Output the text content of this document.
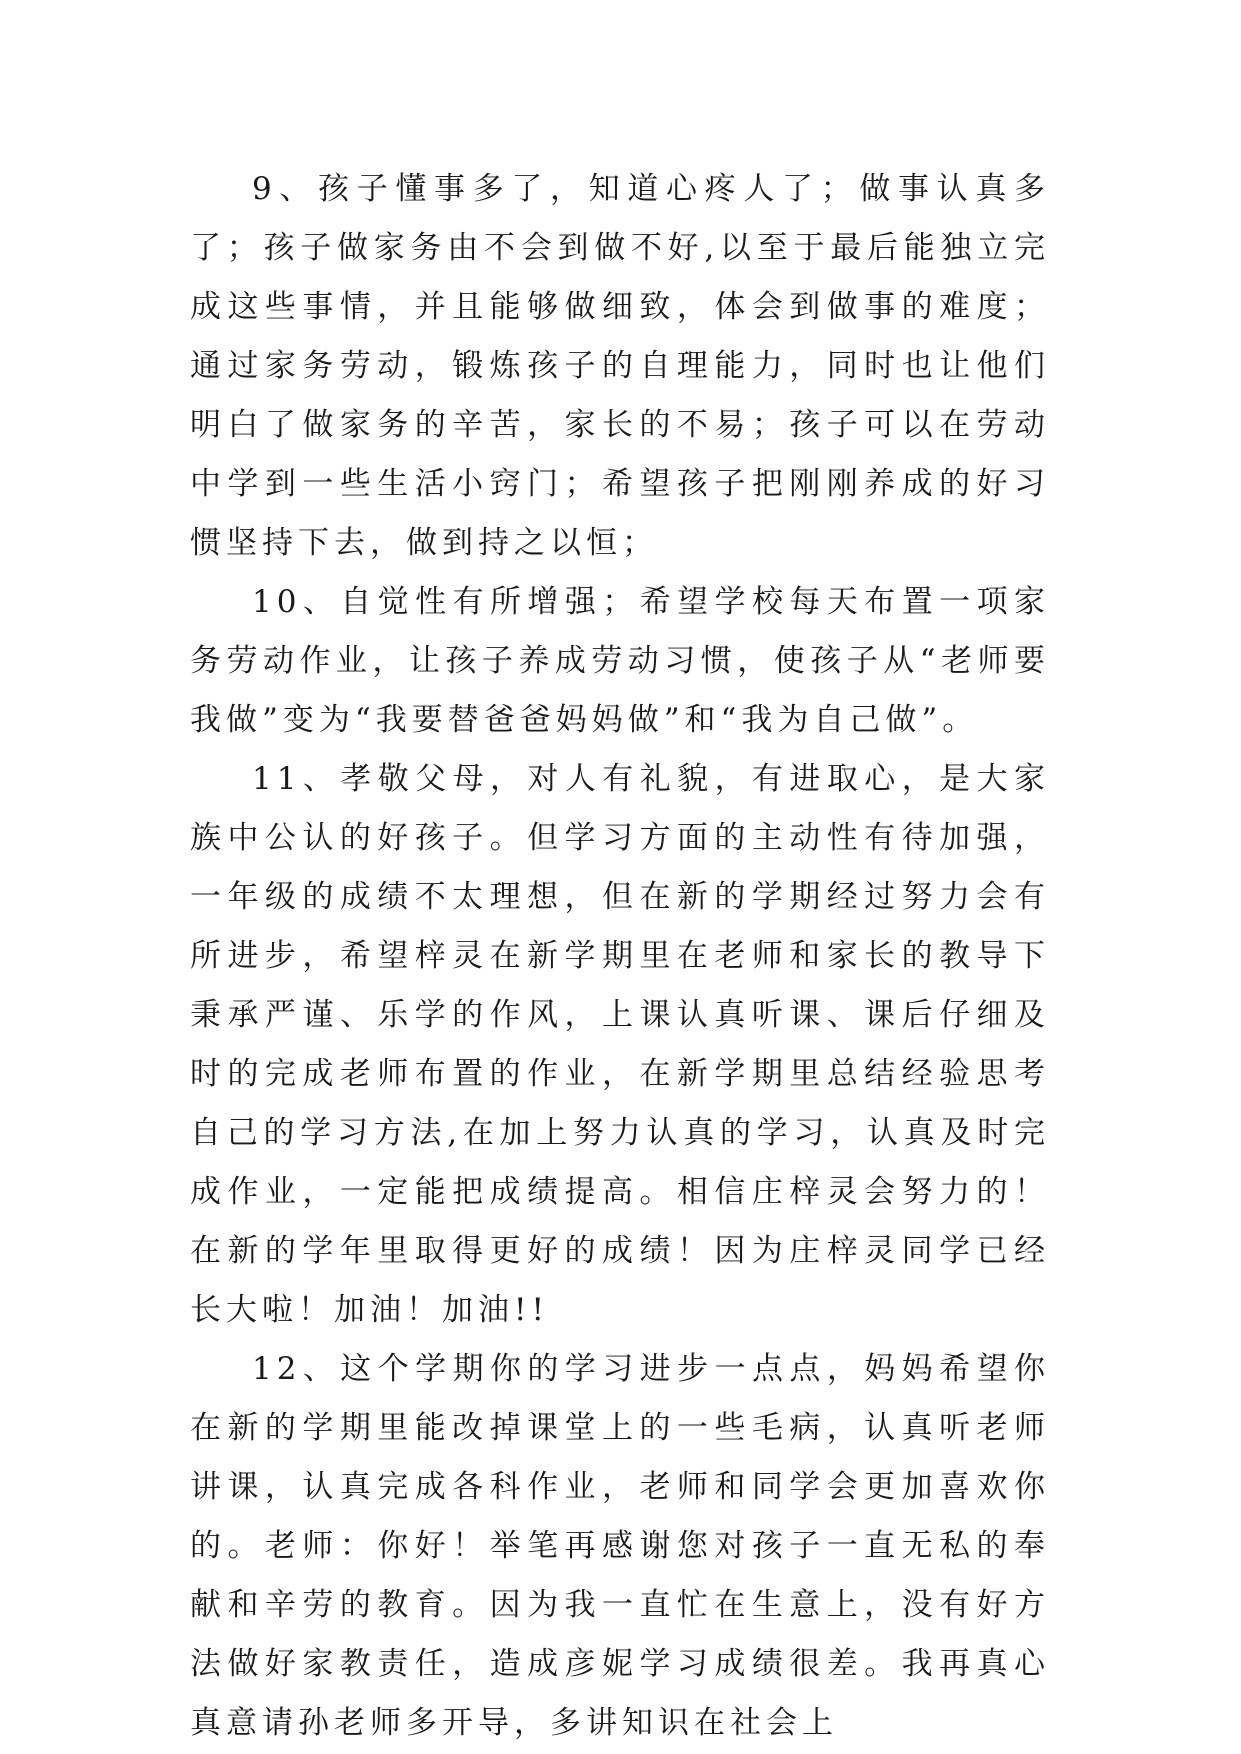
9、孩子懂事多了，知道心疼人了；做事认真多了；孩子做家务由不会到做不好,以至于最后能独立完成这些事情，并且能够做细致，体会到做事的难度；通过家务劳动，锻炼孩子的自理能力，同时也让他们明白了做家务的辛苦，家长的不易；孩子可以在劳动中学到一些生活小窍门；希望孩子把刚刚养成的好习惯坚持下去，做到持之以恒；

10、自觉性有所增强；希望学校每天布置一项家务劳动作业，让孩子养成劳动习惯，使孩子从“老师要我做”变为“我要替爸爸妈妈做”和“我为自己做”。

11、孝敬父母，对人有礼貌，有进取心，是大家族中公认的好孩子。但学习方面的主动性有待加强，一年级的成绩不太理想，但在新的学期经过努力会有所进步，希望梓灵在新学期里在老师和家长的教导下秉承严谨、乐学的作风，上课认真听课、课后仔细及时的完成老师布置的作业，在新学期里总结经验思考自己的学习方法,在加上努力认真的学习，认真及时完成作业，一定能把成绩提高。相信庄梓灵会努力的！在新的学年里取得更好的成绩！因为庄梓灵同学已经长大啦！加油！加油!!

12、这个学期你的学习进步一点点，妈妈希望你在新的学期里能改掉课堂上的一些毛病，认真听老师讲课，认真完成各科作业，老师和同学会更加喜欢你的。老师：你好！举笔再感谢您对孩子一直无私的奉献和辛劳的教育。因为我一直忙在生意上，没有好方法做好家教责任，造成彦妮学习成绩很差。我再真心真意请孙老师多开导，多讲知识在社会上
